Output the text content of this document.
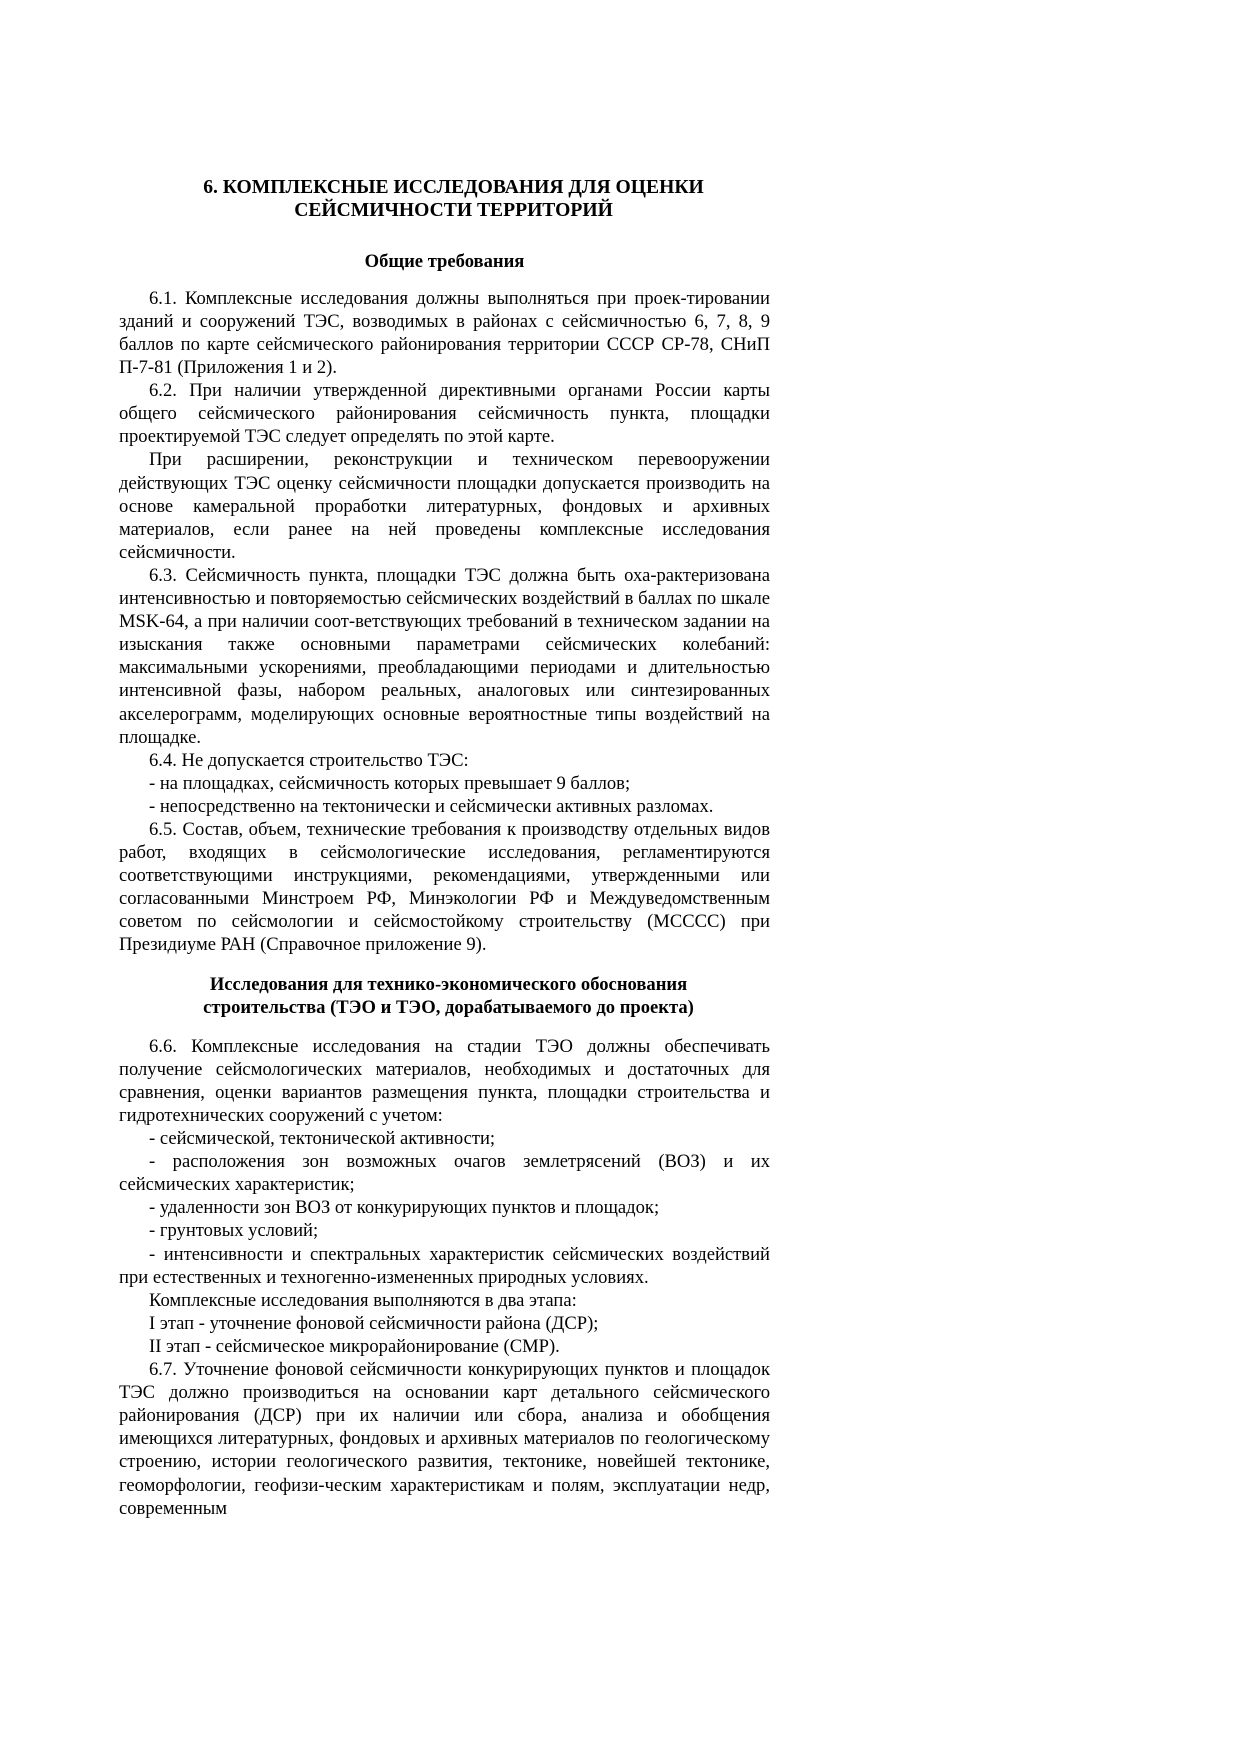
6. КОМПЛЕКСНЫЕ ИССЛЕДОВАНИЯ ДЛЯ ОЦЕНКИ
СЕЙСМИЧНОСТИ ТЕРРИТОРИЙ
Общие требования

6.1. Комплексные исследования должны выполняться при проек-тировании зданий и сооружений ТЭС, возводимых в районах с сейсмичностью 6, 7, 8, 9 баллов по карте сейсмического районирования территории СССР СР-78, СНиП П-7-81 (Приложения 1 и 2).

6.2. При наличии утвержденной директивными органами России карты общего сейсмического районирования сейсмичность пункта, площадки проектируемой ТЭС следует определять по этой карте.

При расширении, реконструкции и техническом перевооружении действующих ТЭС оценку сейсмичности площадки допускается производить на основе камеральной проработки литературных, фондовых и архивных материалов, если ранее на ней проведены комплексные исследования сейсмичности.

6.3. Сейсмичность пункта, площадки ТЭС должна быть оха-рактеризована интенсивностью и повторяемостью сейсмических воздействий в баллах по шкале MSK-64, а при наличии соот-ветствующих требований в техническом задании на изыскания также основными параметрами сейсмических колебаний: максимальными ускорениями, преобладающими периодами и длительностью интенсивной фазы, набором реальных, аналоговых или синтезированных акселерограмм, моделирующих основные вероятностные типы воздействий на площадке.

6.4. Не допускается строительство ТЭС:

- на площадках, сейсмичность которых превышает 9 баллов;

- непосредственно на тектонически и сейсмически активных разломах.

6.5. Состав, объем, технические требования к производству отдельных видов работ, входящих в сейсмологические исследования, регламентируются соответствующими инструкциями, рекомендациями, утвержденными или согласованными Минстроем РФ, Минэкологии РФ и Междуведомственным советом по сейсмологии и сейсмостойкому строительству (МСССС) при Президиуме РАН (Справочное приложение 9).

Исследования для технико-экономического обоснования
строительства (ТЭО и ТЭО, дорабатываемого до проекта)

6.6. Комплексные исследования на стадии ТЭО должны обеспечивать получение сейсмологических материалов, необходимых и достаточных для сравнения, оценки вариантов размещения пункта, площадки строительства и гидротехнических сооружений с учетом:

- сейсмической, тектонической активности;

- расположения зон возможных очагов землетрясений (ВОЗ) и их сейсмических характеристик;

- удаленности зон ВОЗ от конкурирующих пунктов и площадок;

- грунтовых условий;

- интенсивности и спектральных характеристик сейсмических воздействий при естественных и техногенно-измененных природных условиях.

Комплексные исследования выполняются в два этапа:

I этап - уточнение фоновой сейсмичности района (ДСР);

II этап - сейсмическое микрорайонирование (СМР).

6.7. Уточнение фоновой сейсмичности конкурирующих пунктов и площадок ТЭС должно производиться на основании карт детального сейсмического районирования (ДСР) при их наличии или сбора, анализа и обобщения имеющихся литературных, фондовых и архивных материалов по геологическому строению, истории геологического развития, тектонике, новейшей тектонике, геоморфологии, геофизи-ческим характеристикам и полям, эксплуатации недр, современным
